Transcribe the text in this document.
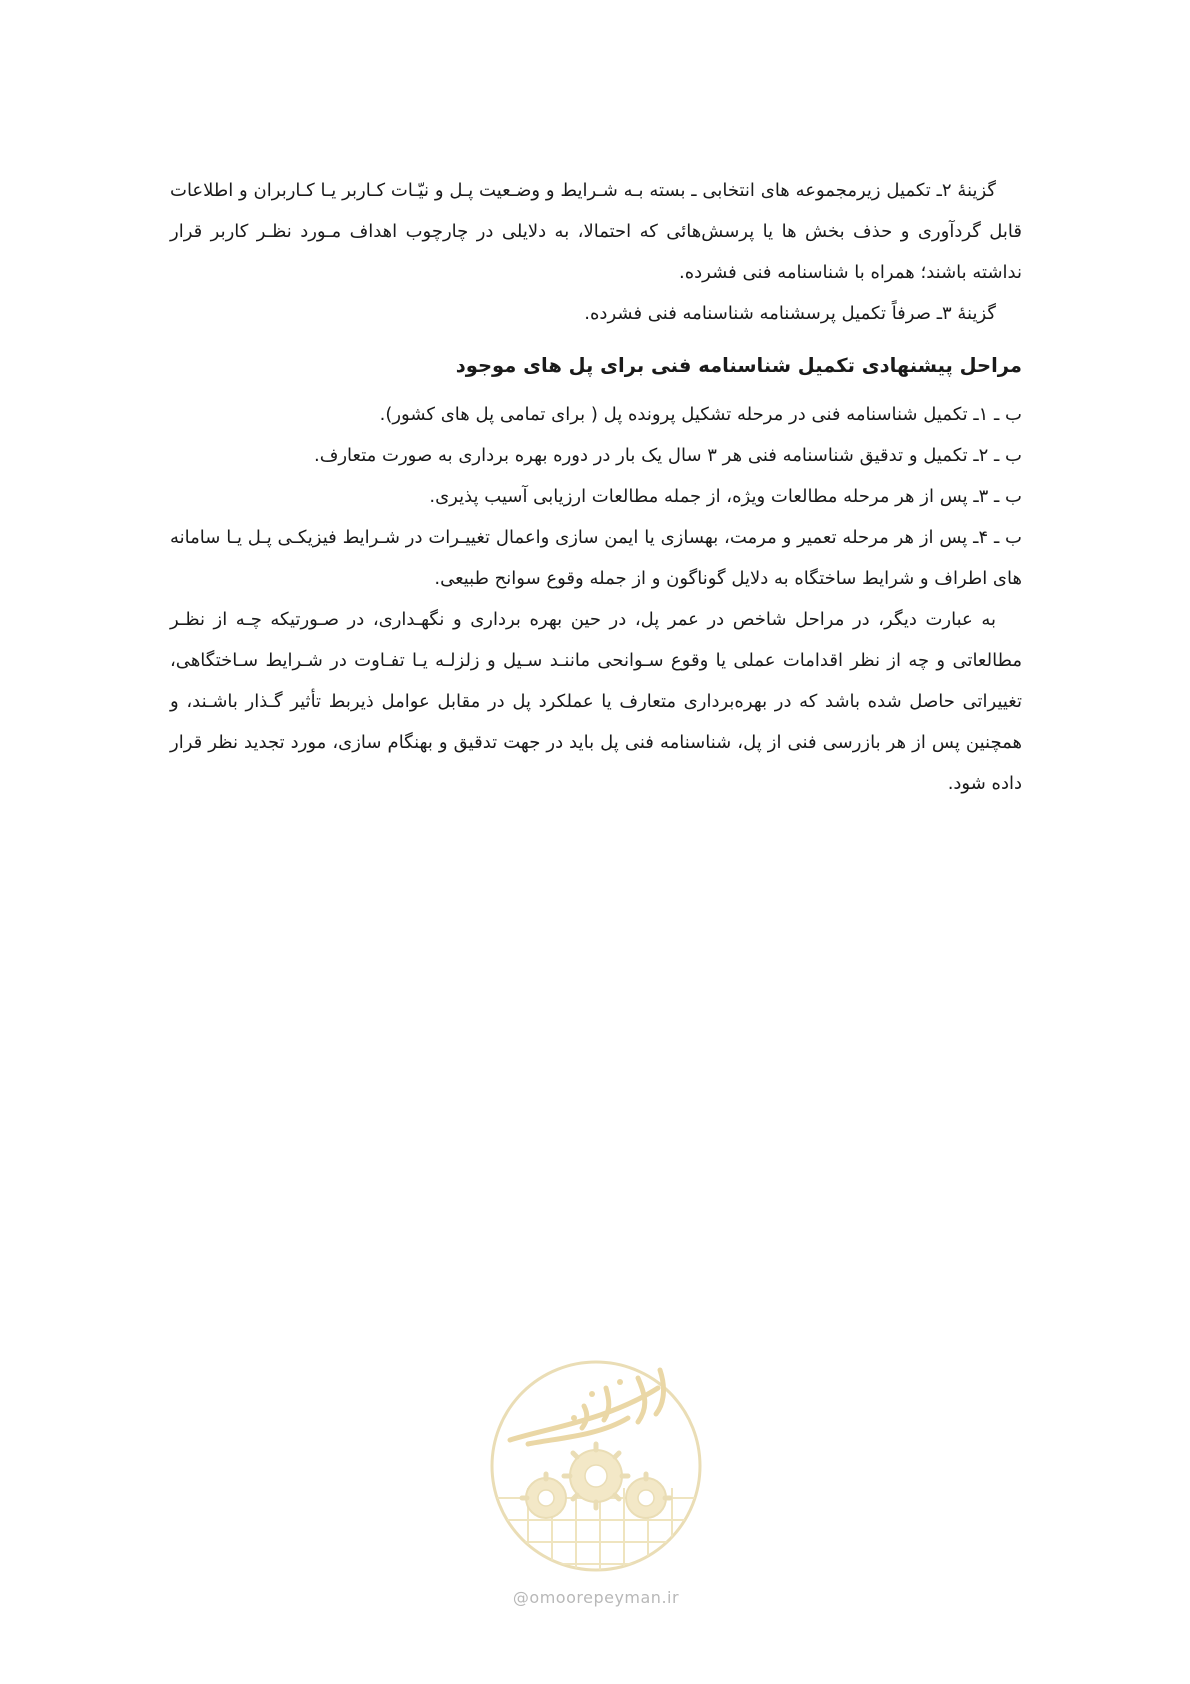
گزینۀ ۲ـ تکمیل زیرمجموعه های انتخابی ـ بسته بـه شـرایط و وضـعیت پـل و نیّـات کـاربر یـا کـاربران و اطلاعات قابل گردآوری و حذف بخش ها یا پرسش‌هائی که احتمالا، به دلایلی در چارچوب اهداف مـورد نظـر کاربر قرار نداشته باشند؛ همراه با شناسنامه فنی فشرده.

گزینۀ ۳ـ صرفاً تکمیل پرسشنامه شناسنامه فنی فشرده.

مراحل پیشنهادی تکمیل شناسنامه فنی برای پل های موجود

ب ـ ۱ـ تکمیل شناسنامه فنی در مرحله تشکیل پرونده پل ( برای تمامی پل های کشور).

ب ـ ۲ـ تکمیل و تدقیق شناسنامه فنی هر ۳ سال یک بار در دوره بهره برداری به صورت متعارف.

ب ـ ۳ـ پس از هر مرحله مطالعات ویژه، از جمله مطالعات ارزیابی آسیب پذیری.

ب ـ ۴ـ پس از هر مرحله تعمیر و مرمت، بهسازی یا ایمن سازی واعمال تغییـرات در شـرایط فیزیکـی پـل یـا سامانه های اطراف و شرایط ساختگاه به دلایل گوناگون و از جمله وقوع سوانح طبیعی.

به عبارت دیگر، در مراحل شاخص در عمر پل، در حین بهره برداری و نگهـداری، در صـورتیکه چـه از نظـر مطالعاتی و چه از نظر اقدامات عملی یا وقوع سـوانحی ماننـد سـیل و زلزلـه یـا تفـاوت در شـرایط سـاختگاهی، تغییراتی حاصل شده باشد که در بهره‌برداری متعارف یا عملکرد پل در مقابل عوامل ذیربط تأثیر گـذار باشـند، و همچنین پس از هر بازرسی فنی از پل، شناسنامه فنی پل باید در جهت تدقیق و بهنگام سازی، مورد تجدید نظر قرار داده شود.

@omoorepeyman.ir
